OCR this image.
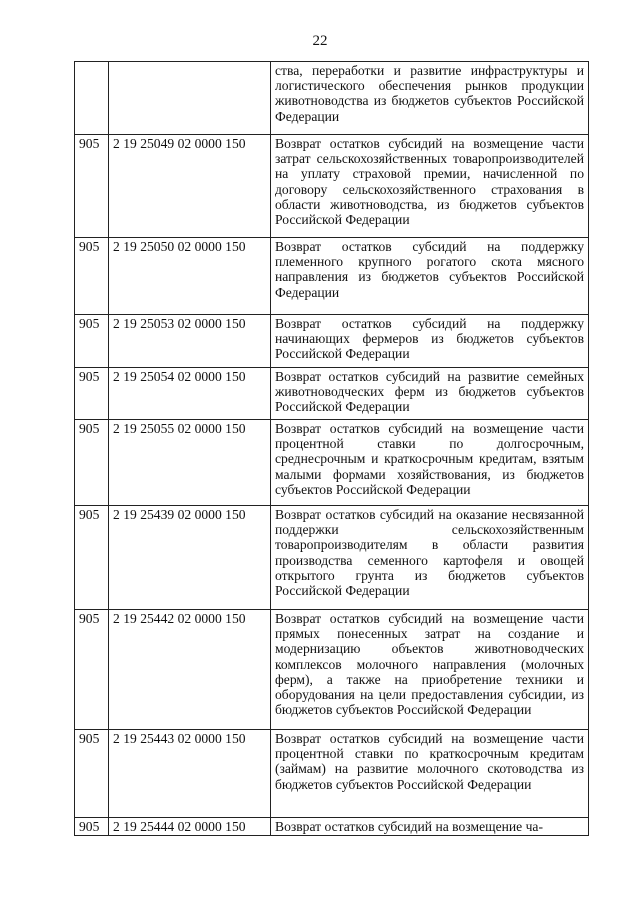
22
		ства, переработки и развитие инфраструктуры и логистического обеспечения рынков продукции животноводства из бюджетов субъектов Российской Федерации
905	2 19 25049 02 0000 150	Возврат остатков субсидий на возмещение части затрат сельскохозяйственных товаропроизводителей на уплату страховой премии, начисленной по договору сельскохозяйственного страхования в области животноводства, из бюджетов субъектов Российской Федерации
905	2 19 25050 02 0000 150	Возврат остатков субсидий на поддержку племенного крупного рогатого скота мясного направления из бюджетов субъектов Российской Федерации
905	2 19 25053 02 0000 150	Возврат остатков субсидий на поддержку начинающих фермеров из бюджетов субъектов Российской Федерации
905	2 19 25054 02 0000 150	Возврат остатков субсидий на развитие семейных животноводческих ферм из бюджетов субъектов Российской Федерации
905	2 19 25055 02 0000 150	Возврат остатков субсидий на возмещение части процентной ставки по долгосрочным, среднесрочным и краткосрочным кредитам, взятым малыми формами хозяйствования, из бюджетов субъектов Российской Федерации
905	2 19 25439 02 0000 150	Возврат остатков субсидий на оказание несвязанной поддержки сельскохозяйственным товаропроизводителям в области развития производства семенного картофеля и овощей открытого грунта из бюджетов субъектов Российской Федерации
905	2 19 25442 02 0000 150	Возврат остатков субсидий на возмещение части прямых понесенных затрат на создание и модернизацию объектов животноводческих комплексов молочного направления (молочных ферм), а также на приобретение техники и оборудования на цели предоставления субсидии, из бюджетов субъектов Российской Федерации
905	2 19 25443 02 0000 150	Возврат остатков субсидий на возмещение части процентной ставки по краткосрочным кредитам (займам) на развитие молочного скотоводства из бюджетов субъектов Российской Федерации
905	2 19 25444 02 0000 150	Возврат остатков субсидий на возмещение ча-
